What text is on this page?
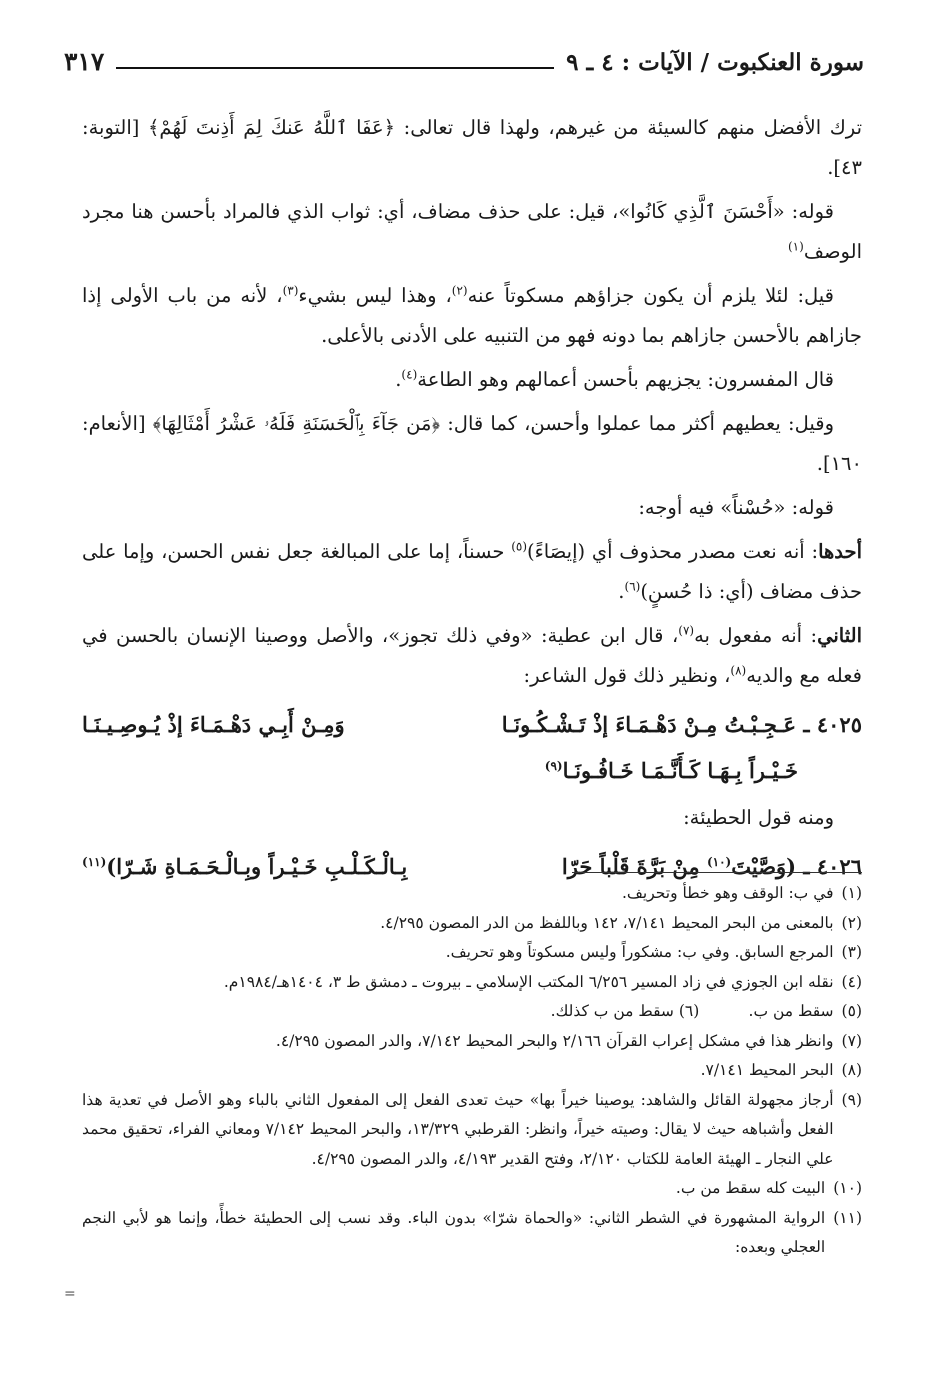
سورة العنكبوت / الآيات : ٤ ـ ٩
٣١٧

ترك الأفضل منهم كالسيئة من غيرهم، ولهذا قال تعالى: ﴿عَفَا ٱللَّهُ عَنكَ لِمَ أَذِنتَ لَهُمْ﴾ [التوبة: ٤٣].

قوله: «أَحْسَنَ ٱلَّذِي كَانُوا»، قيل: على حذف مضاف، أي: ثواب الذي فالمراد بأحسن هنا مجرد الوصف$^{(١)}$

قيل: لئلا يلزم أن يكون جزاؤهم مسكوتاً عنه$^{(٢)}$، وهذا ليس بشيء$^{(٣)}$، لأنه من باب الأولى إذا جازاهم بالأحسن جازاهم بما دونه فهو من التنبيه على الأدنى بالأعلى.

قال المفسرون: يجزيهم بأحسن أعمالهم وهو الطاعة$^{(٤)}$.

وقيل: يعطيهم أكثر مما عملوا وأحسن، كما قال: ﴿مَن جَآءَ بِٱلْحَسَنَةِ فَلَهُۥ عَشْرُ أَمْثَالِهَا﴾ [الأنعام: ١٦٠].

قوله: «حُسْناً» فيه أوجه:

أحدها: أنه نعت مصدر محذوف أي (إيصَاءً)$^{(٥)}$ حسناً، إما على المبالغة جعل نفس الحسن، وإما على حذف مضاف (أي: ذا حُسنٍ)$^{(٦)}$.

الثاني: أنه مفعول به$^{(٧)}$، قال ابن عطية: «وفي ذلك تجوز»، والأصل ووصينا الإنسان بالحسن في فعله مع والديه$^{(٨)}$، ونظير ذلك قول الشاعر:

٤٠٢٥ ـ عَـجِـبْـتُ مِـنْ دَهْـمَـاءَ إذْ تَـشْـكُـونَـا
وَمِـنْ أَبِـي دَهْـمَـاءَ إذْ يُـوصِـيـنَـا
خَـيْـراً بِـهَـا كَـأَنَّـمَـا خَـافُـونَـا$^{(٩)}$

ومنه قول الحطيئة:

٤٠٢٦ ـ (وَصَّيْتَ$^{(١٠)}$ مِنْ بَرَّةَ قَلْباً حَرّا
بِـالْـكَـلْـبِ خَـيْـراً وبِـالْـحَـمَـاةِ شَـرّا)$^{(١١)}$
(١)
في ب: الوقف وهو خطأ وتحريف.
(٢)
بالمعنى من البحر المحيط ٧/١٤١، ١٤٢ وباللفظ من الدر المصون ٤/٢٩٥.
(٣)
المرجع السابق. وفي ب: مشكوراً وليس مسكوتاً وهو تحريف.
(٤)
نقله ابن الجوزي في زاد المسير ٦/٢٥٦ المكتب الإسلامي ـ بيروت ـ دمشق ط ٣، ١٤٠٤هـ/١٩٨٤م.
(٥)
سقط من ب.          (٦) سقط من ب كذلك.
(٧)
وانظر هذا في مشكل إعراب القرآن ٢/١٦٦ والبحر المحيط ٧/١٤٢، والدر المصون ٤/٢٩٥.
(٨)
البحر المحيط ٧/١٤١.
(٩)
أرجاز مجهولة القائل والشاهد: يوصينا خيراً بها» حيث تعدى الفعل إلى المفعول الثاني بالباء وهو الأصل في تعدية هذا الفعل وأشباهه حيث لا يقال: وصيته خيراً، وانظر: القرطبي ١٣/٣٢٩، والبحر المحيط ٧/١٤٢ ومعاني الفراء، تحقيق محمد علي النجار ـ الهيئة العامة للكتاب ٢/١٢٠، وفتح القدير ٤/١٩٣، والدر المصون ٤/٢٩٥.
(١٠)
البيت كله سقط من ب.
(١١)
الرواية المشهورة في الشطر الثاني: «والحماة شرّا» بدون الباء. وقد نسب إلى الحطيئة خطأً، وإنما هو لأبي النجم العجلي وبعده:
=
